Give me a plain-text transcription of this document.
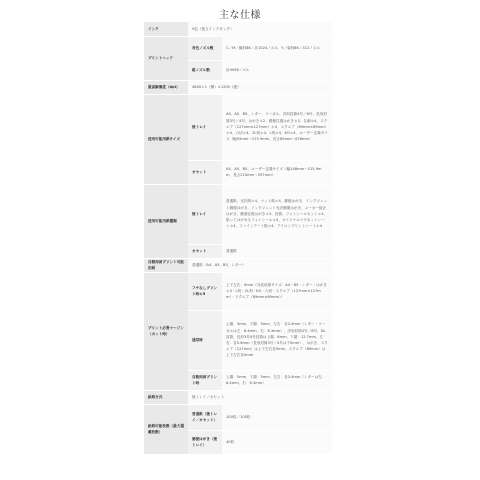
主な仕様
インク	5色（独立インクタンク）	
プリントヘッド	各色ノズル数	C／M／顔料BK＝各1024ノズル、Y／染料BK＝512ノズル
	総ノズル数	計4096ノズル
最高解像度（dpi）	4800＊1（横）×1200（縦）	
使用可能用紙サイズ	後トレイ	A4、A5、B5、レター、リーガル、洋形封筒4号／6号、長形封筒3号／4号、はがき＊2、郵便往復はがき＊3、名刺＊4、スクエア（127mm×127mm）＊4、スクエア（89mm×89mm）＊4、六切＊4、2L判＊4、L判＊4、KG＊4、ユーザー定義サイズ（幅55mm〜215.9mm、長さ89mm〜676mm）
	カセット	A4、A5、B5、ユーザー定義サイズ（幅148mm〜215.9mm、長さ210mm〜297mm）
使用可能用紙種類	後トレイ	普通紙、光沢紙＊4、マット紙＊4、郵便はがき、インクジェット郵便はがき、インクジェット光沢郵便はがき、メーカー純正はがき、郵便往復はがき＊3、封筒、フォトシールセット＊4、貼ってはがせるフォトシール＊4、オリジナルマグネットシート＊4、ファインアート紙＊4、アイロンプリントシート＊4
	カセット	普通紙
自動両面プリント可能用紙	普通紙（A4、A5、B5、レター）	
プリント必要マージン（カット時）	フチなしプリント時＊5	上下左右：0mm（対応用紙サイズ：A4・B5・レター・はがき＊3・L判・2L判・KG・六切・スクエア（127mm×127mm）・スクエア（89mm×89mm））
	通常時	上端：3mm、下端：5mm、左右：各3.4mm（レター・リーガルは左：6.4mm、右：6.3mm）、洋形封筒4号／6号、DL封筒、長形3号4号封筒は上端：8mm、下端：12.7mm、左右：各5.6mm（長形封筒3号／4号は下5mm）、はがき、スクエア（127mm）は上下左右各5mm、スクエア（89mm）は上下左右各5mm
	自動両面プリント時	上端：5mm、下端：5mm、左右：各3.4mm（レターは左：6.4mm、右：6.3mm）
給紙方式	後トレイ／カセット	
給紙可能枚数（最大積載枚数）	普通紙（後トレイ／カセット）	100枚／100枚
	郵便はがき（後トレイ）	40枚
